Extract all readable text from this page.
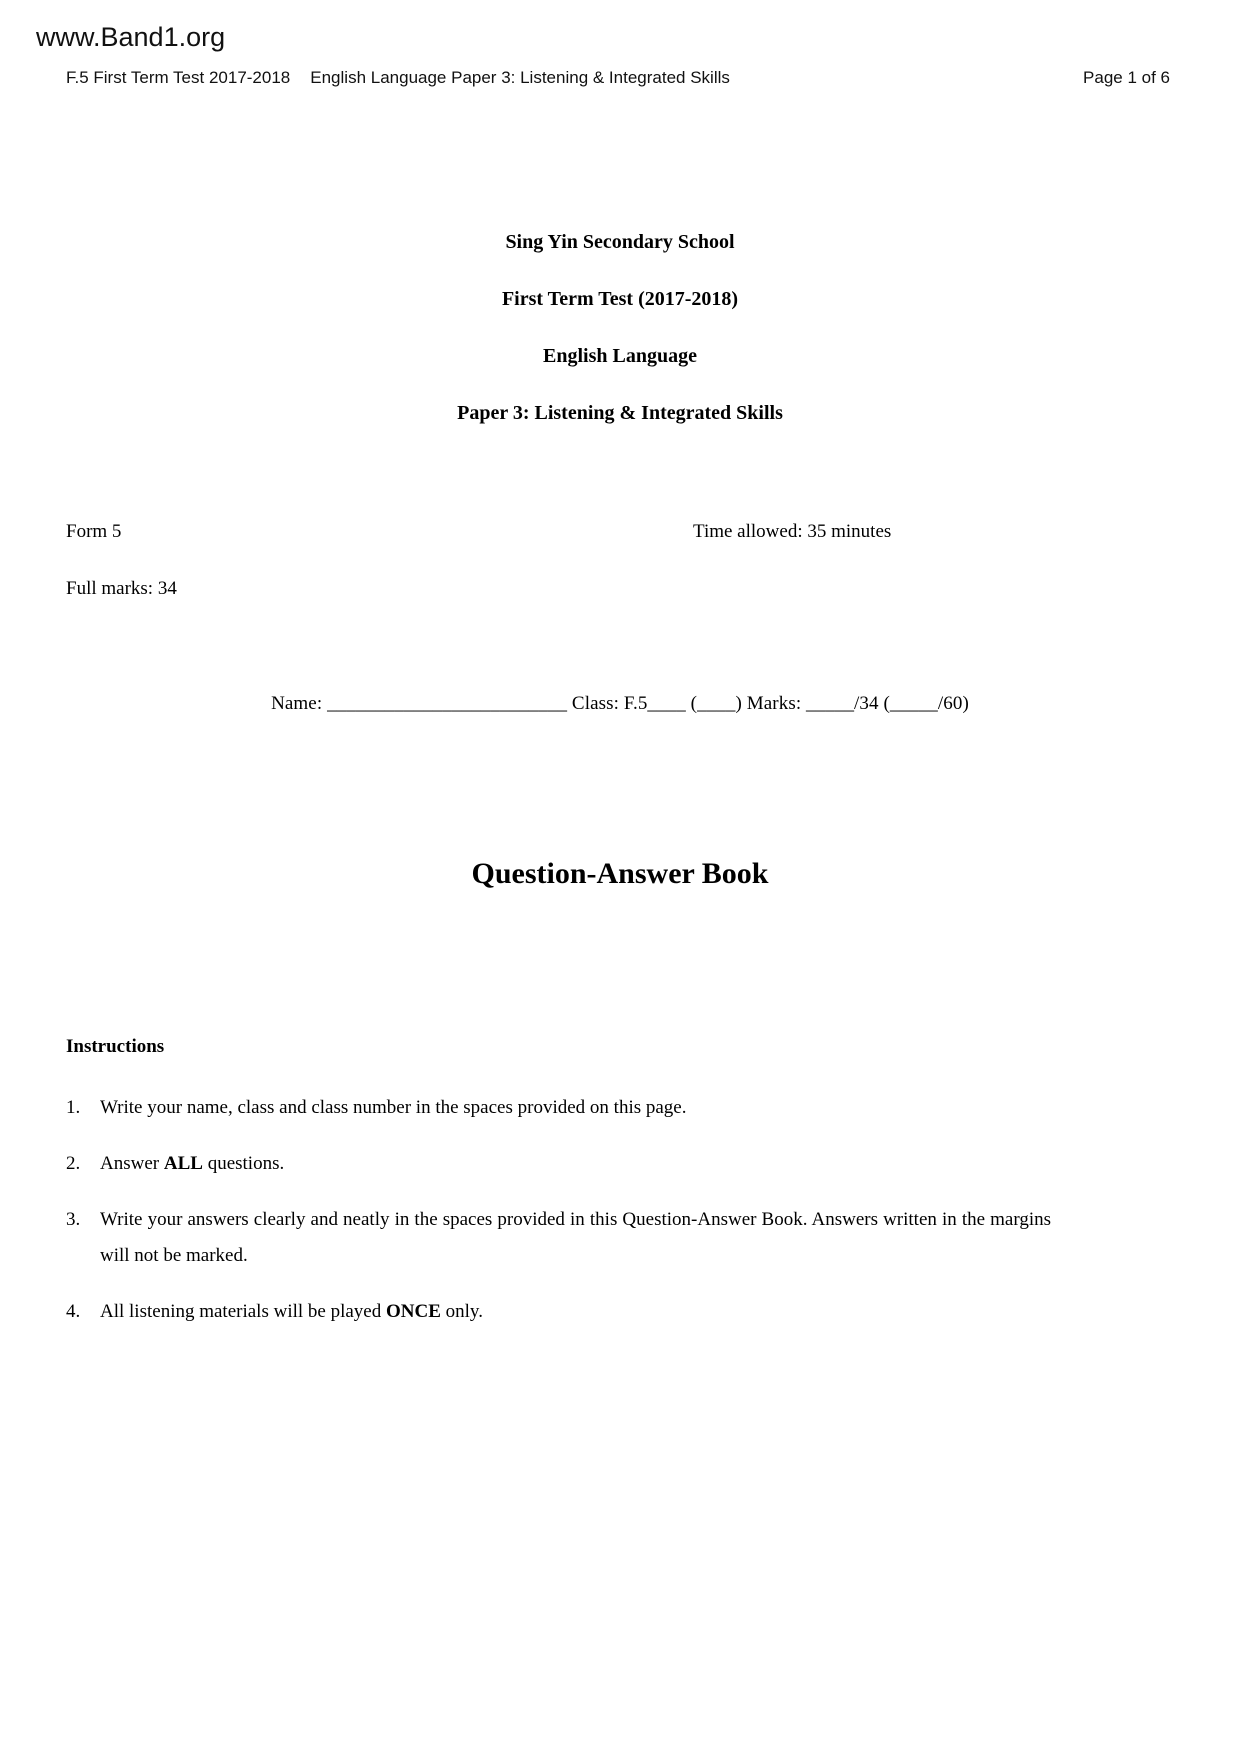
www.Band1.org
F.5 First Term Test 2017-2018 English Language Paper 3: Listening & Integrated Skills	Page 1 of 6

Sing Yin Secondary School

First Term Test (2017-2018)

English Language

Paper 3: Listening & Integrated Skills

Form 5	Time allowed: 35 minutes
Full marks: 34
Name: _________________________ Class: F.5____ (____) Marks: _____/34 (_____/60)
Question-Answer Book
Instructions
1.	Write your name, class and class number in the spaces provided on this page.
2.	Answer ALL questions.
3.	Write your answers clearly and neatly in the spaces provided in this Question-Answer Book. Answers written in the margins will not be marked.
4.	All listening materials will be played ONCE only.
